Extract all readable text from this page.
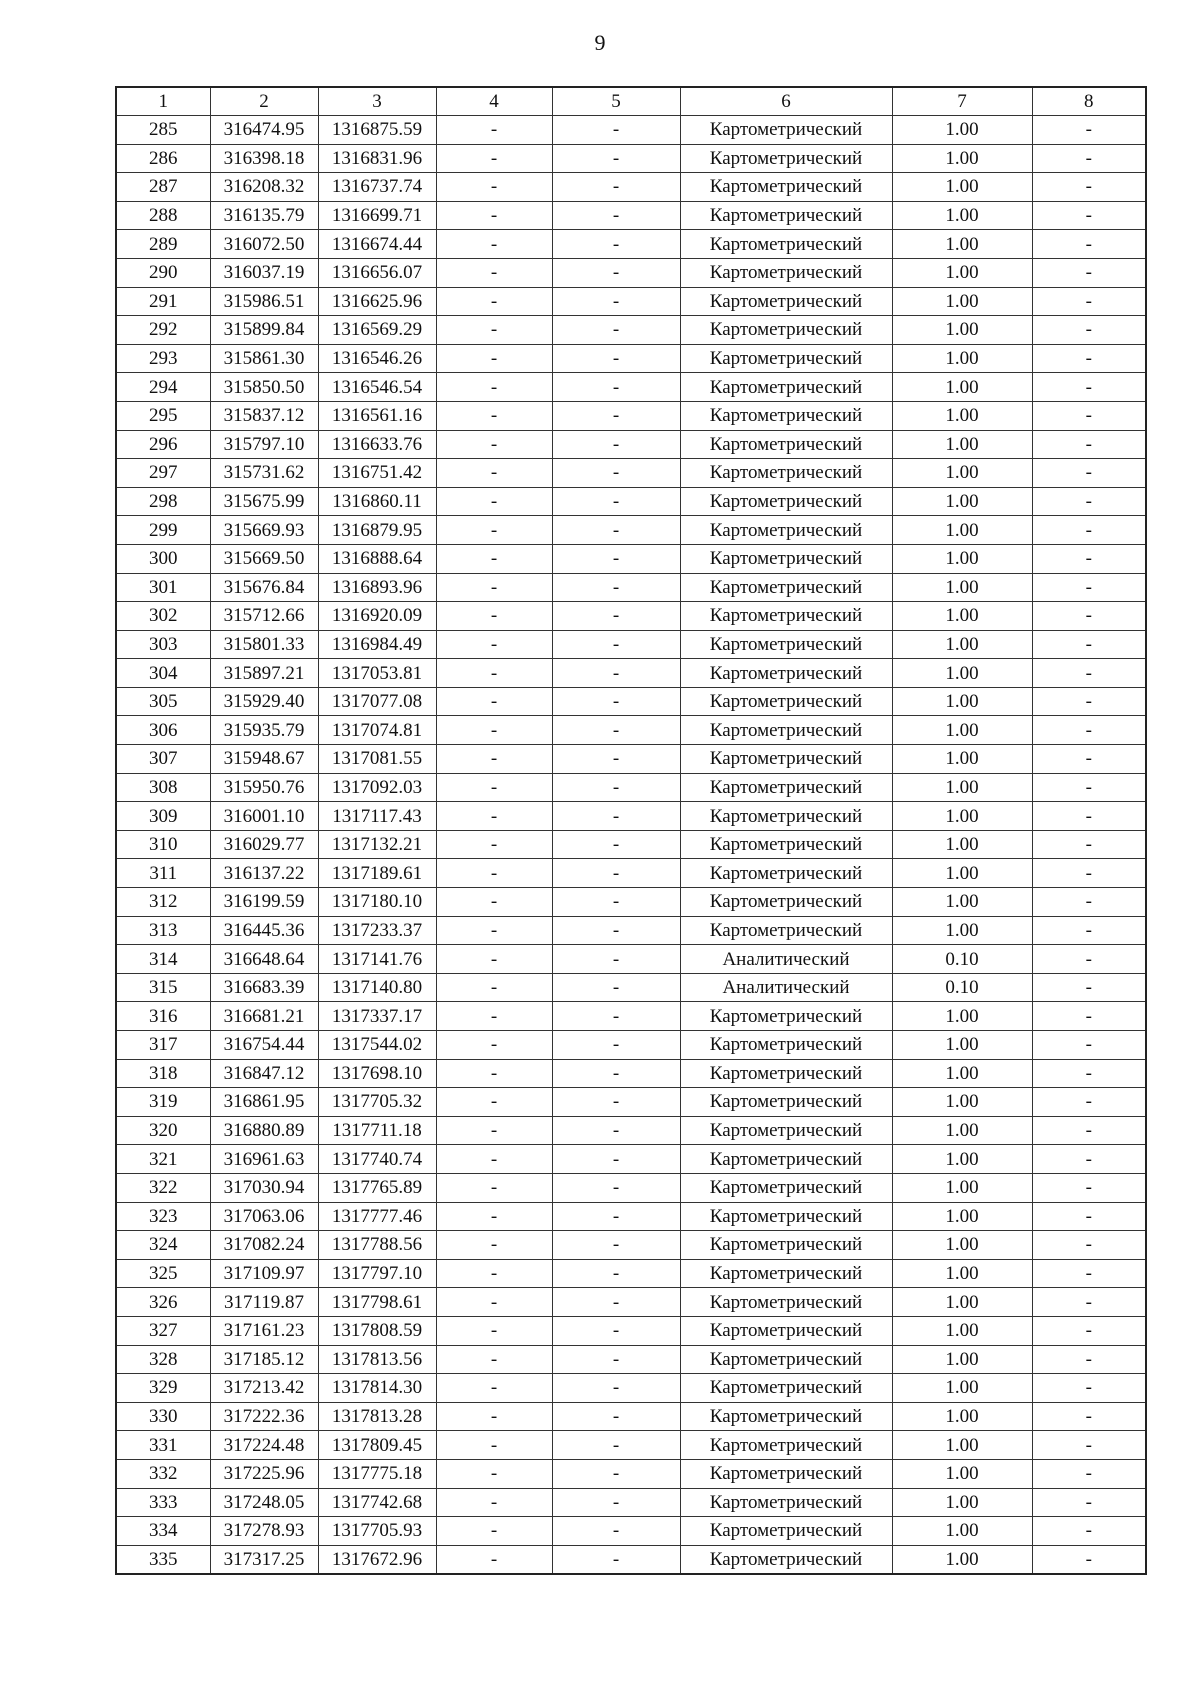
9
1	2	3	4	5	6	7	8
285	316474.95	1316875.59	-	-	Картометрический	1.00	-
286	316398.18	1316831.96	-	-	Картометрический	1.00	-
287	316208.32	1316737.74	-	-	Картометрический	1.00	-
288	316135.79	1316699.71	-	-	Картометрический	1.00	-
289	316072.50	1316674.44	-	-	Картометрический	1.00	-
290	316037.19	1316656.07	-	-	Картометрический	1.00	-
291	315986.51	1316625.96	-	-	Картометрический	1.00	-
292	315899.84	1316569.29	-	-	Картометрический	1.00	-
293	315861.30	1316546.26	-	-	Картометрический	1.00	-
294	315850.50	1316546.54	-	-	Картометрический	1.00	-
295	315837.12	1316561.16	-	-	Картометрический	1.00	-
296	315797.10	1316633.76	-	-	Картометрический	1.00	-
297	315731.62	1316751.42	-	-	Картометрический	1.00	-
298	315675.99	1316860.11	-	-	Картометрический	1.00	-
299	315669.93	1316879.95	-	-	Картометрический	1.00	-
300	315669.50	1316888.64	-	-	Картометрический	1.00	-
301	315676.84	1316893.96	-	-	Картометрический	1.00	-
302	315712.66	1316920.09	-	-	Картометрический	1.00	-
303	315801.33	1316984.49	-	-	Картометрический	1.00	-
304	315897.21	1317053.81	-	-	Картометрический	1.00	-
305	315929.40	1317077.08	-	-	Картометрический	1.00	-
306	315935.79	1317074.81	-	-	Картометрический	1.00	-
307	315948.67	1317081.55	-	-	Картометрический	1.00	-
308	315950.76	1317092.03	-	-	Картометрический	1.00	-
309	316001.10	1317117.43	-	-	Картометрический	1.00	-
310	316029.77	1317132.21	-	-	Картометрический	1.00	-
311	316137.22	1317189.61	-	-	Картометрический	1.00	-
312	316199.59	1317180.10	-	-	Картометрический	1.00	-
313	316445.36	1317233.37	-	-	Картометрический	1.00	-
314	316648.64	1317141.76	-	-	Аналитический	0.10	-
315	316683.39	1317140.80	-	-	Аналитический	0.10	-
316	316681.21	1317337.17	-	-	Картометрический	1.00	-
317	316754.44	1317544.02	-	-	Картометрический	1.00	-
318	316847.12	1317698.10	-	-	Картометрический	1.00	-
319	316861.95	1317705.32	-	-	Картометрический	1.00	-
320	316880.89	1317711.18	-	-	Картометрический	1.00	-
321	316961.63	1317740.74	-	-	Картометрический	1.00	-
322	317030.94	1317765.89	-	-	Картометрический	1.00	-
323	317063.06	1317777.46	-	-	Картометрический	1.00	-
324	317082.24	1317788.56	-	-	Картометрический	1.00	-
325	317109.97	1317797.10	-	-	Картометрический	1.00	-
326	317119.87	1317798.61	-	-	Картометрический	1.00	-
327	317161.23	1317808.59	-	-	Картометрический	1.00	-
328	317185.12	1317813.56	-	-	Картометрический	1.00	-
329	317213.42	1317814.30	-	-	Картометрический	1.00	-
330	317222.36	1317813.28	-	-	Картометрический	1.00	-
331	317224.48	1317809.45	-	-	Картометрический	1.00	-
332	317225.96	1317775.18	-	-	Картометрический	1.00	-
333	317248.05	1317742.68	-	-	Картометрический	1.00	-
334	317278.93	1317705.93	-	-	Картометрический	1.00	-
335	317317.25	1317672.96	-	-	Картометрический	1.00	-
